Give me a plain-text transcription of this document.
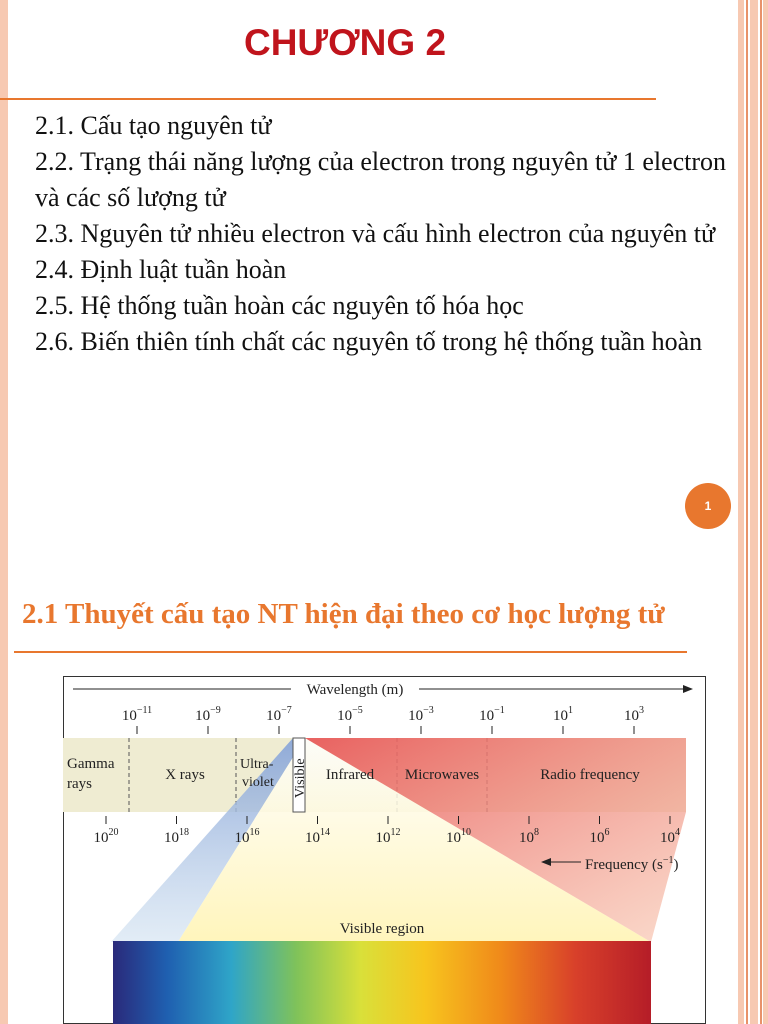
CHƯƠNG 2
2.1. Cấu tạo nguyên tử
2.2. Trạng thái năng lượng của electron trong nguyên tử 1 electron và các số lượng tử
2.3. Nguyên tử nhiều electron và cấu hình electron của nguyên tử
2.4. Định luật tuần hoàn
2.5. Hệ thống tuần hoàn các nguyên tố hóa học
2.6. Biến thiên tính chất các nguyên tố trong hệ thống tuần hoàn
1
2.1 Thuyết cấu tạo NT hiện đại theo cơ học lượng tử
Wavelength (m)
$10^{-11}$	$10^{-9}$	$10^{-7}$	$10^{-5}$	$10^{-3}$	$10^{-1}$	$10^1$	$10^3$
Gamma
rays
X rays
Ultra-
violet Visible Infrared Microwaves	Radio frequency
$10^{20}$	$10^{18}$	$10^{16}$	$10^{14}$	$10^{12}$	$10^{10}$	$10^8$	$10^6$	$10^4$
Frequency $(s^{-1})$
Visible region
